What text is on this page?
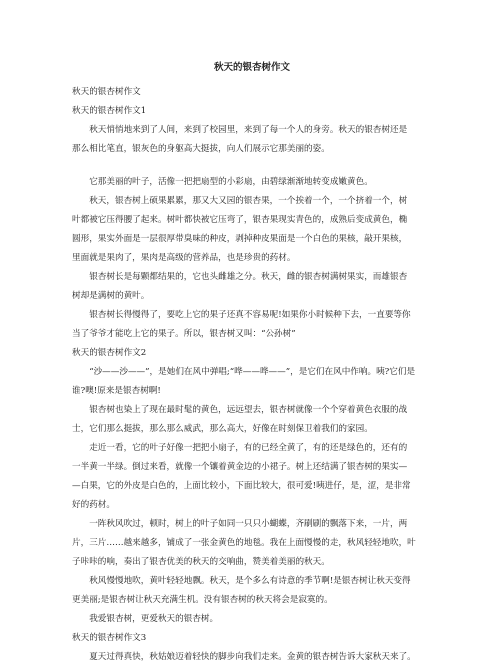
秋天的银杏树作文

秋天的银杏树作文

秋天的银杏树作文1

　　秋天悄悄地来到了人间，来到了校园里，来到了每一个人的身旁。秋天的银杏树还是
那么相比笔直，银灰色的身躯高大挺拔，向人们展示它那美丽的姿。
　　它那美丽的叶子，活像一把把扇型的小彩扇，由碧绿渐渐地转变成嫩黄色。
　　秋天，银杏树上硕果累累，那又大又园的银杏果，一个挨着一个，一个挤着一个，树
叶都被它压得腰了起来。树叶都快被它压弯了，银杏果现实青色的，成熟后变成黄色，椭
圆形，果实外面是一层很厚带臭味的种皮，剥掉种皮果面是一个白色的果核，敲开果核，
里面就是果肉了，果肉是高级的营养品，也是珍贵的药材。
　　银杏树长是每颗都结果的，它也头雌雄之分。秋天，雌的银杏树满树果实，而雄银杏
树却是满树的黄叶。
　　银杏树长得慢得了，要吃上它的果子还真不容易呢!如果你小时候种下去，一直要等你
当了爷爷才能吃上它的果子。所以，银杏树又叫：“公孙树”

秋天的银杏树作文2

　　“沙——沙——”，是她们在风中弹唱;“哗——哗——”，是它们在风中作响。咦?它们是
谁?噢!原来是银杏树啊!
　　银杏树也染上了现在最时髦的黄色，远远望去，银杏树就像一个个穿着黄色衣服的战
士，它们那么挺拔，那么那么威武，那么高大，好像在时刻保卫着我们的家园。
　　走近一看，它的叶子好像一把把小扇子，有的已经全黄了，有的还是绿色的，还有的
一半黄一半绿。倒过来看，就像一个镶着黄金边的小裙子。树上还结满了银杏树的果实—
—白果，它的外皮是白色的，上面比较小，下面比较大，很可爱!咦进仔，是，涩，是非常
好的药材。
　　一阵秋风吹过，顿时，树上的叶子如同一只只小蝴蝶，齐刷刷的飘落下来，一片，两
片，三片……越来越多，铺成了一张金黄色的地毯。我在上面慢慢的走，秋风轻轻地吹，叶
子咔咔的响，奏出了银杏优美的秋天的交响曲，赞美着美丽的秋天。
　　秋风慢慢地吹，黄叶轻轻地飘。秋天，是个多么有诗意的季节啊!是银杏树让秋天变得
更美丽;是银杏树让秋天充满生机。没有银杏树的秋天将会是寂寞的。
　　我爱银杏树，更爱秋天的银杏树。

秋天的银杏树作文3

　　夏天过得真快，秋姑娘迈着轻快的脚步向我们走来。金黄的银杏树告诉大家秋天来了。
